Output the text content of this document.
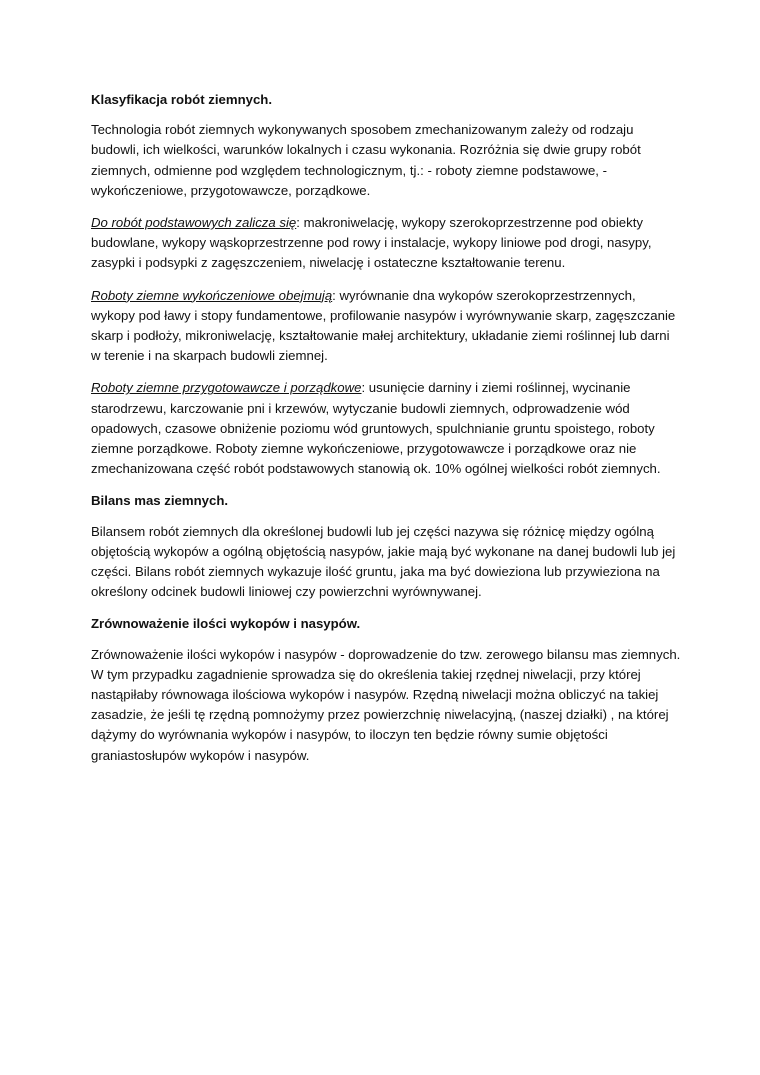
Klasyfikacja robót ziemnych.

Technologia robót ziemnych wykonywanych sposobem zmechanizowanym zależy od rodzaju budowli, ich wielkości, warunków lokalnych i czasu wykonania. Rozróżnia się dwie grupy robót ziemnych, odmienne pod względem technologicznym, tj.: - roboty ziemne podstawowe, - wykończeniowe, przygotowawcze, porządkowe.

Do robót podstawowych zalicza się: makroniwelację, wykopy szerokoprzestrzenne pod obiekty budowlane, wykopy wąskoprzestrzenne pod rowy i instalacje, wykopy liniowe pod drogi, nasypy, zasypki i podsypki z zagęszczeniem, niwelację i ostateczne kształtowanie terenu.

Roboty ziemne wykończeniowe obejmują: wyrównanie dna wykopów szerokoprzestrzennych, wykopy pod ławy i stopy fundamentowe, profilowanie nasypów i wyrównywanie skarp, zagęszczanie skarp i podłoży, mikroniwelację, kształtowanie małej architektury, układanie ziemi roślinnej lub darni w terenie i na skarpach budowli ziemnej.

Roboty ziemne przygotowawcze i porządkowe: usunięcie darniny i ziemi roślinnej, wycinanie starodrzewu, karczowanie pni i krzewów, wytyczanie budowli ziemnych, odprowadzenie wód opadowych, czasowe obniżenie poziomu wód gruntowych, spulchnianie gruntu spoistego, roboty ziemne porządkowe. Roboty ziemne wykończeniowe, przygotowawcze i porządkowe oraz nie zmechanizowana część robót podstawowych stanowią ok. 10% ogólnej wielkości robót ziemnych.

Bilans mas ziemnych.

Bilansem robót ziemnych dla określonej budowli lub jej części nazywa się różnicę między ogólną objętością wykopów a ogólną objętością nasypów, jakie mają być wykonane na danej budowli lub jej części. Bilans robót ziemnych wykazuje ilość gruntu, jaka ma być dowieziona lub przywieziona na określony odcinek budowli liniowej czy powierzchni wyrównywanej.

Zrównoważenie ilości wykopów i nasypów.

Zrównoważenie ilości wykopów i nasypów - doprowadzenie do tzw. zerowego bilansu mas ziemnych. W tym przypadku zagadnienie sprowadza się do określenia takiej rzędnej niwelacji, przy której nastąpiłaby równowaga ilościowa wykopów i nasypów. Rzędną niwelacji można obliczyć na takiej zasadzie, że jeśli tę rzędną pomnożymy przez powierzchnię niwelacyjną, (naszej działki) , na której dążymy do wyrównania wykopów i nasypów, to iloczyn ten będzie równy sumie objętości graniastosłupów wykopów i nasypów.
